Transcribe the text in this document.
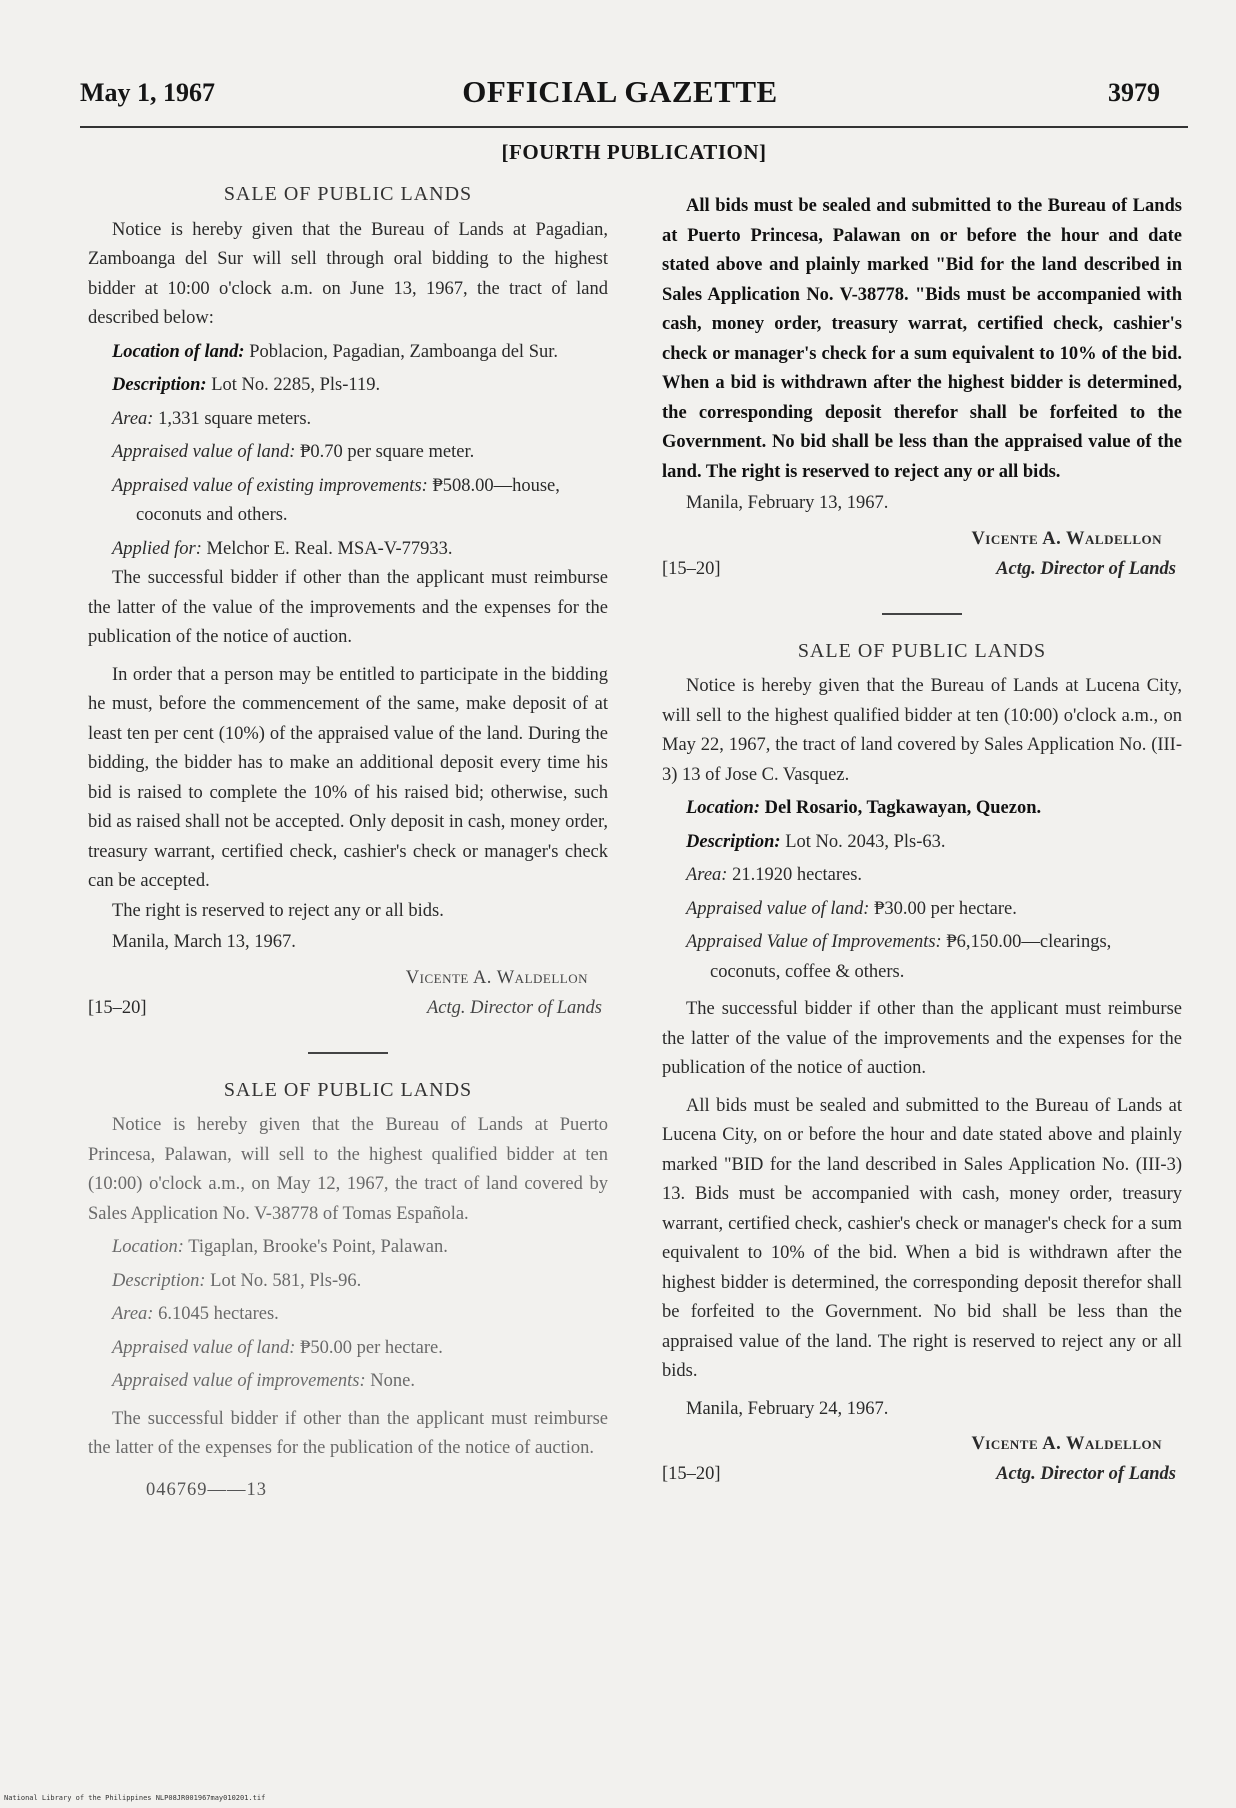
May 1, 1967	OFFICIAL GAZETTE	3979
[FOURTH PUBLICATION]
SALE OF PUBLIC LANDS

Notice is hereby given that the Bureau of Lands at Pagadian, Zamboanga del Sur will sell through oral bidding to the highest bidder at 10:00 o'clock a.m. on June 13, 1967, the tract of land described below:

Location of land: Poblacion, Pagadian, Zamboanga del Sur.
Description: Lot No. 2285, Pls-119.
Area: 1,331 square meters.
Appraised value of land: ₱0.70 per square meter.
Appraised value of existing improvements: ₱508.00—house, coconuts and others.
Applied for: Melchor E. Real. MSA-V-77933.

The successful bidder if other than the applicant must reimburse the latter of the value of the improvements and the expenses for the publication of the notice of auction.

In order that a person may be entitled to participate in the bidding he must, before the commencement of the same, make deposit of at least ten per cent (10%) of the appraised value of the land. During the bidding, the bidder has to make an additional deposit every time his bid is raised to complete the 10% of his raised bid; otherwise, such bid as raised shall not be accepted. Only deposit in cash, money order, treasury warrant, certified check, cashier's check or manager's check can be accepted.

The right is reserved to reject any or all bids.

Manila, March 13, 1967.
[15–20]
Vicente A. Waldellon
Actg. Director of Lands
SALE OF PUBLIC LANDS

Notice is hereby given that the Bureau of Lands at Puerto Princesa, Palawan, will sell to the highest qualified bidder at ten (10:00) o'clock a.m., on May 12, 1967, the tract of land covered by Sales Application No. V-38778 of Tomas Española.

Location: Tigaplan, Brooke's Point, Palawan.
Description: Lot No. 581, Pls-96.
Area: 6.1045 hectares.
Appraised value of land: ₱50.00 per hectare.
Appraised value of improvements: None.

The successful bidder if other than the applicant must reimburse the latter of the expenses for the publication of the notice of auction.

046769——13

All bids must be sealed and submitted to the Bureau of Lands at Puerto Princesa, Palawan on or before the hour and date stated above and plainly marked "Bid for the land described in Sales Application No. V-38778. "Bids must be accompanied with cash, money order, treasury warrat, certified check, cashier's check or manager's check for a sum equivalent to 10% of the bid. When a bid is withdrawn after the highest bidder is determined, the corresponding deposit therefor shall be forfeited to the Government. No bid shall be less than the appraised value of the land. The right is reserved to reject any or all bids.

Manila, February 13, 1967.
[15–20]
Vicente A. Waldellon
Actg. Director of Lands
SALE OF PUBLIC LANDS

Notice is hereby given that the Bureau of Lands at Lucena City, will sell to the highest qualified bidder at ten (10:00) o'clock a.m., on May 22, 1967, the tract of land covered by Sales Application No. (III-3) 13 of Jose C. Vasquez.

Location: Del Rosario, Tagkawayan, Quezon.
Description: Lot No. 2043, Pls-63.
Area: 21.1920 hectares.
Appraised value of land: ₱30.00 per hectare.
Appraised Value of Improvements: ₱6,150.00—clearings, coconuts, coffee & others.

The successful bidder if other than the applicant must reimburse the latter of the value of the improvements and the expenses for the publication of the notice of auction.

All bids must be sealed and submitted to the Bureau of Lands at Lucena City, on or before the hour and date stated above and plainly marked "BID for the land described in Sales Application No. (III-3) 13. Bids must be accompanied with cash, money order, treasury warrant, certified check, cashier's check or manager's check for a sum equivalent to 10% of the bid. When a bid is withdrawn after the highest bidder is determined, the corresponding deposit therefor shall be forfeited to the Government. No bid shall be less than the appraised value of the land. The right is reserved to reject any or all bids.

Manila, February 24, 1967.
[15–20]
Vicente A. Waldellon
Actg. Director of Lands
National Library of the Philippines NLP08JR001967may010201.tif
